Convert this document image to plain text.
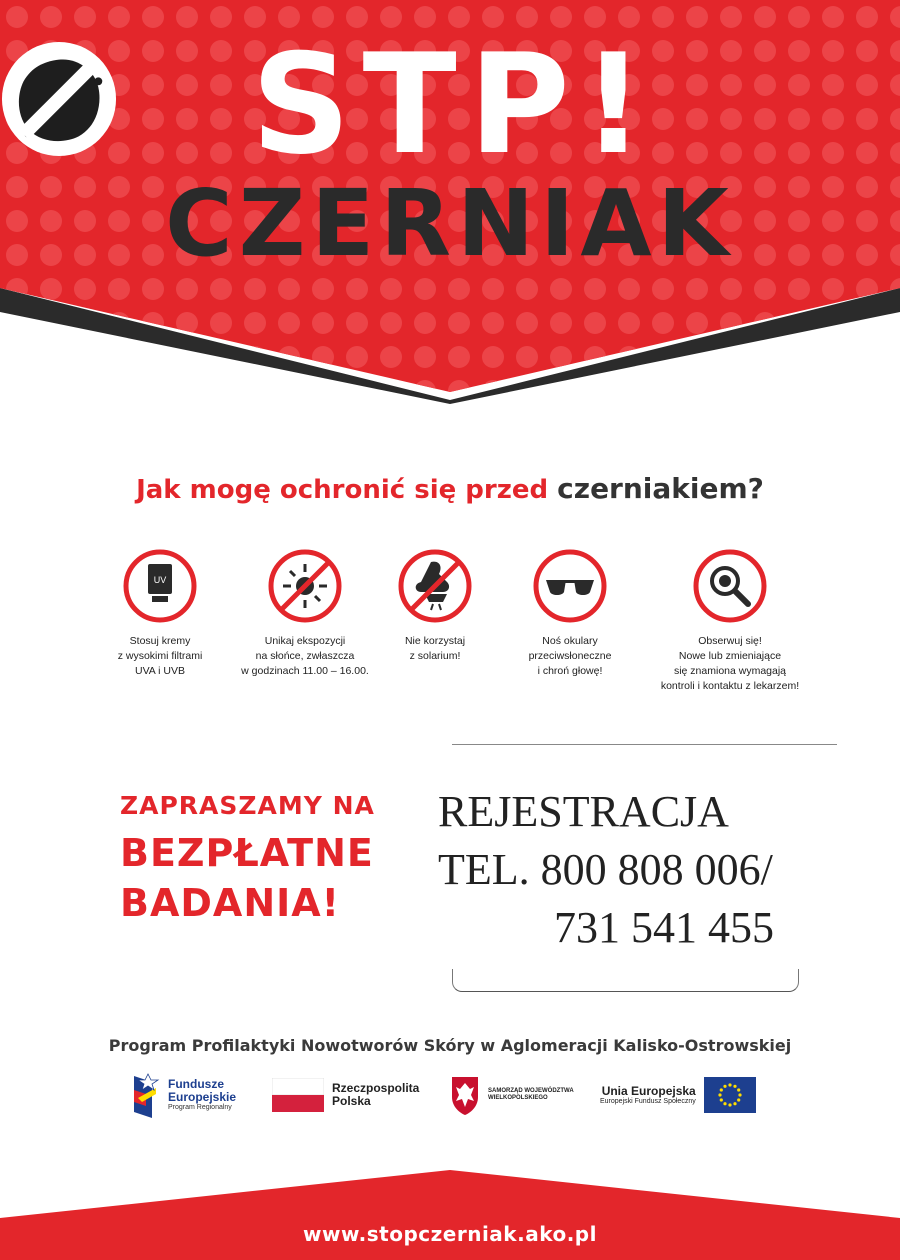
S T P !
CZERNIAK
Jak mogę ochronić się przed czerniakiem?
UV
Stosuj kremy
z wysokimi filtrami
UVA i UVB
Unikaj ekspozycji
na słońce, zwłaszcza
w godzinach 11.00 – 16.00.
Nie korzystaj
z solarium!
Noś okulary
przeciwsłoneczne
i chroń głowę!
Obserwuj się!
Nowe lub zmieniające
się znamiona wymagają
kontroli i kontaktu z lekarzem!
ZAPRASZAMY NA
BEZPŁATNE
BADANIA!
REJESTRACJA
TEL. 800 808 006/
731 541 455
Program Profilaktyki Nowotworów Skóry w Aglomeracji Kalisko-Ostrowskiej
Fundusze
Europejskie
Program Regionalny
Rzeczpospolita
Polska
SAMORZĄD WOJEWÓDZTWA
WIELKOPOLSKIEGO
Unia Europejska
Europejski Fundusz Społeczny
www.stopczerniak.ako.pl
